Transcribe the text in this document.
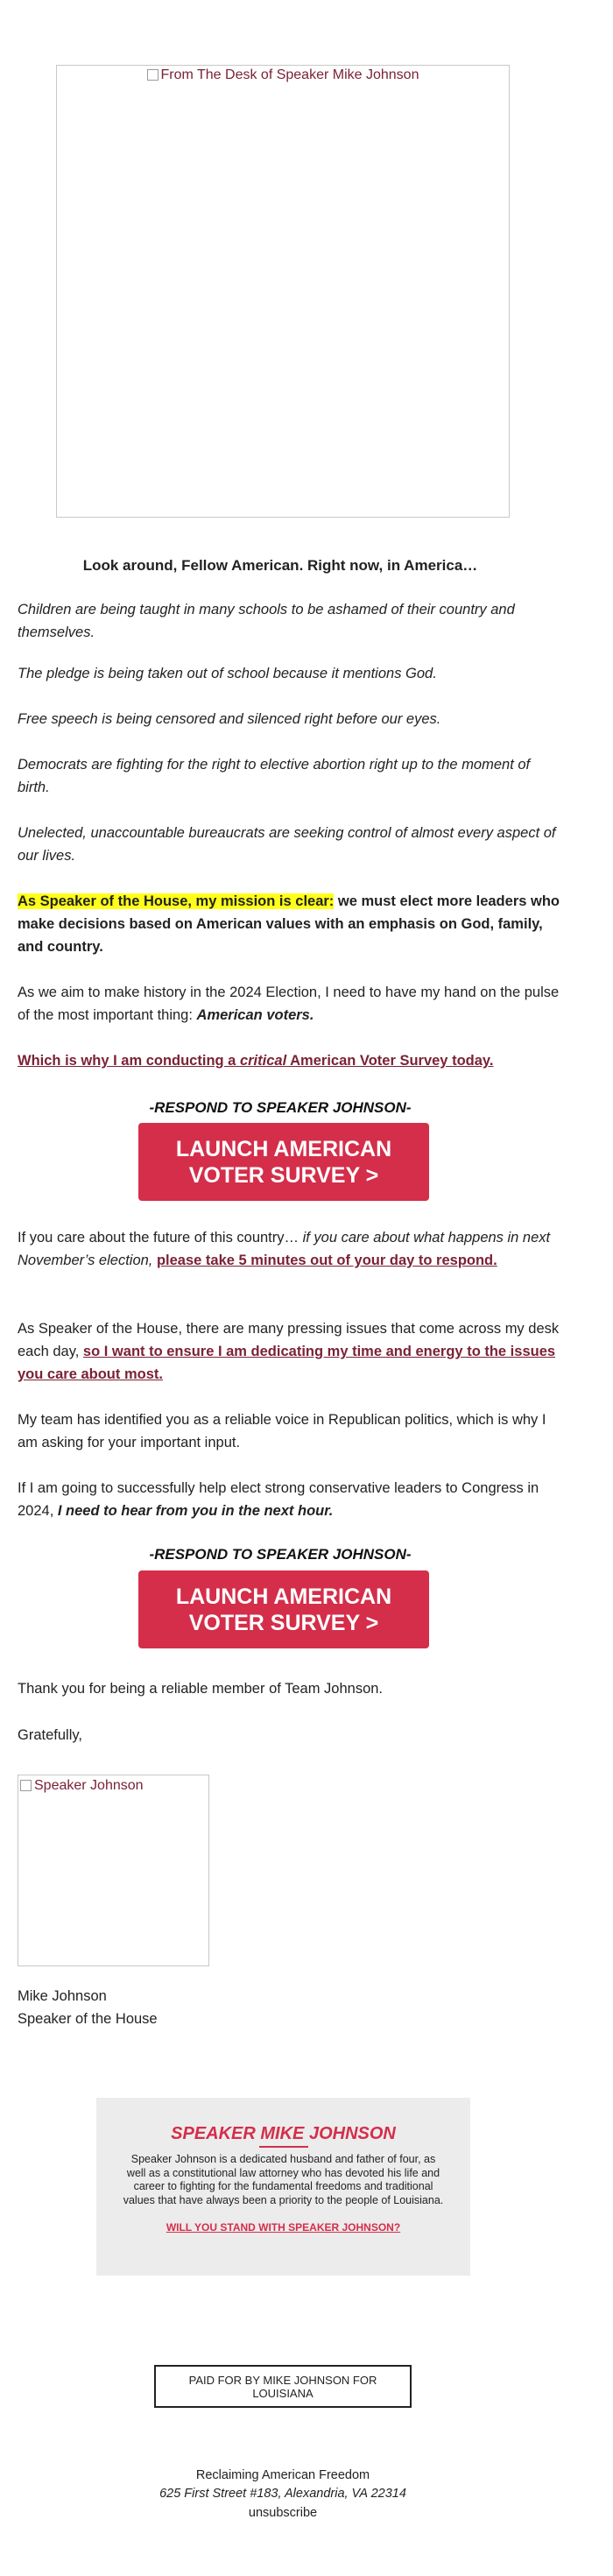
From The Desk of Speaker Mike Johnson
Look around, Fellow American. Right now, in America…
Children are being taught in many schools to be ashamed of their country and themselves.
The pledge is being taken out of school because it mentions God.
Free speech is being censored and silenced right before our eyes.
Democrats are fighting for the right to elective abortion right up to the moment of birth.
Unelected, unaccountable bureaucrats are seeking control of almost every aspect of our lives.
As Speaker of the House, my mission is clear: we must elect more leaders who make decisions based on American values with an emphasis on God, family, and country.
As we aim to make history in the 2024 Election, I need to have my hand on the pulse of the most important thing: American voters.
Which is why I am conducting a critical American Voter Survey today.
-RESPOND TO SPEAKER JOHNSON-
LAUNCH AMERICAN
VOTER SURVEY >
If you care about the future of this country… if you care about what happens in next November’s election, please take 5 minutes out of your day to respond.
As Speaker of the House, there are many pressing issues that come across my desk each day, so I want to ensure I am dedicating my time and energy to the issues you care about most.
My team has identified you as a reliable voice in Republican politics, which is why I am asking for your important input.
If I am going to successfully help elect strong conservative leaders to Congress in 2024, I need to hear from you in the next hour.
-RESPOND TO SPEAKER JOHNSON-
LAUNCH AMERICAN
VOTER SURVEY >
Thank you for being a reliable member of Team Johnson.
Gratefully,
Speaker Johnson
Mike Johnson
Speaker of the House
SPEAKER MIKE JOHNSON
Speaker Johnson is a dedicated husband and father of four, as well as a constitutional law attorney who has devoted his life and career to fighting for the fundamental freedoms and traditional values that have always been a priority to the people of Louisiana.
WILL YOU STAND WITH SPEAKER JOHNSON?
PAID FOR BY MIKE JOHNSON FOR LOUISIANA
Reclaiming American Freedom
625 First Street #183, Alexandria, VA 22314
unsubscribe
